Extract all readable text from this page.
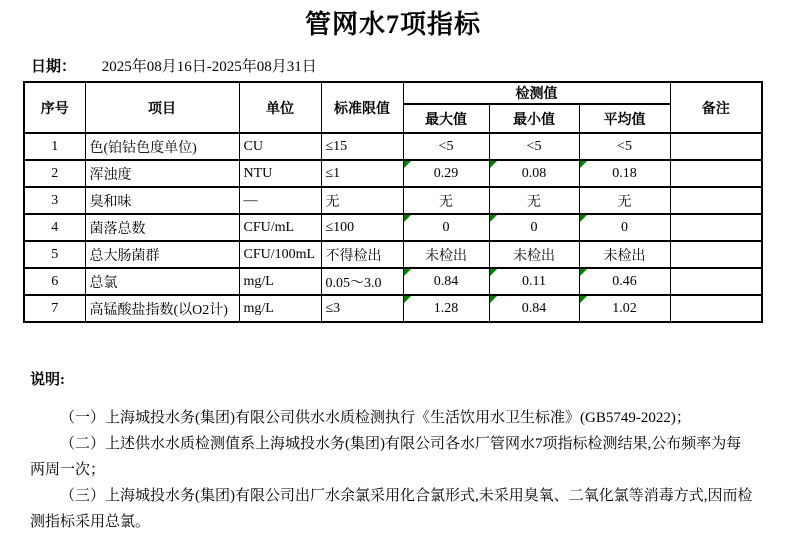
管网水7项指标
日期： 2025年08月16日-2025年08月31日
序号	项目	单位	标准限值	检测值			备注
				最大值	最小值	平均值	
1	色(铂钴色度单位)	CU	≤15	<5	<5	<5	
2	浑浊度	NTU	≤1	0.29	0.08	0.18	
3	臭和味	—	无	无	无	无	
4	菌落总数	CFU/mL	≤100	0	0	0	
5	总大肠菌群	CFU/100mL	不得检出	未检出	未检出	未检出	
6	总氯	mg/L	0.05～3.0	0.84	0.11	0.46	
7	高锰酸盐指数(以O2计)	mg/L	≤3	1.28	0.84	1.02	
说明:

（一）上海城投水务(集团)有限公司供水水质检测执行《生活饮用水卫生标准》(GB5749-2022)；

（二）上述供水水质检测值系上海城投水务(集团)有限公司各水厂管网水7项指标检测结果,公布频率为每两周一次；

（三）上海城投水务(集团)有限公司出厂水余氯采用化合氯形式,未采用臭氧、二氧化氯等消毒方式,因而检测指标采用总氯。
